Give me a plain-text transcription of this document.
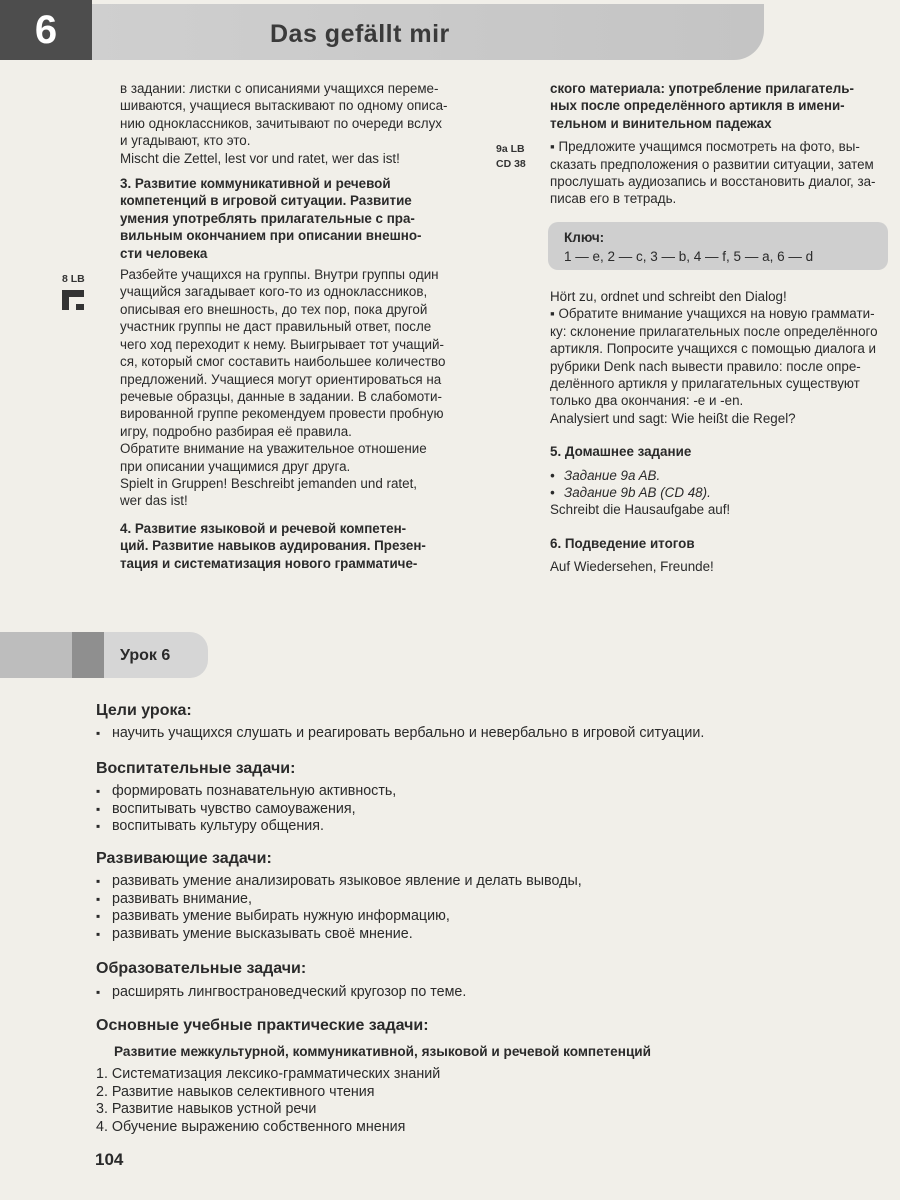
6	Das gefällt mir

в задании: листки с описаниями учащихся переме-

шиваются, учащиеся вытаскивают по одному описа-

нию одноклассников, зачитывают по очереди вслух

и угадывают, кто это.

Mischt die Zettel, lest vor und ratet, wer das ist!

3. Развитие коммуникативной и речевой

компетенций в игровой ситуации. Развитие

умения употреблять прилагательные с пра-

вильным окончанием при описании внешно-

сти человека

Разбейте учащихся на группы. Внутри группы один

учащийся загадывает кого-то из одноклассников,

описывая его внешность, до тех пор, пока другой

участник группы не даст правильный ответ, после

чего ход переходит к нему. Выигрывает тот учащий-

ся, который смог составить наибольшее количество

предложений. Учащиеся могут ориентироваться на

речевые образцы, данные в задании. В слабомоти-

вированной группе рекомендуем провести пробную

игру, подробно разбирая её правила.

Обратите внимание на уважительное отношение

при описании учащимися друг друга.

Spielt in Gruppen! Beschreibt jemanden und ratet,

wer das ist!

4. Развитие языковой и речевой компетен-

ций. Развитие навыков аудирования. Презен-

тация и систематизация нового грамматиче-

8 LB

ского материала: употребление прилагатель-

ных после определённого артикля в имени-

тельном и винительном падежах

▪ Предложите учащимся посмотреть на фото, вы-

сказать предположения о развитии ситуации, затем

прослушать аудиозапись и восстановить диалог, за-

писав его в тетрадь.

9a LB
CD 38
Ключ:
1 — e, 2 — c, 3 — b, 4 — f, 5 — a, 6 — d

Hört zu, ordnet und schreibt den Dialog!

▪ Обратите внимание учащихся на новую граммати-

ку: склонение прилагательных после определённого

артикля. Попросите учащихся с помощью диалога и

рубрики Denk nach вывести правило: после опре-

делённого артикля у прилагательных существуют

только два окончания: -e и -en.

Analysiert und sagt: Wie heißt die Regel?

5. Домашнее задание

• Задание 9a AB.

• Задание 9b AB (CD 48).

Schreibt die Hausaufgabe auf!

6. Подведение итогов

Auf Wiedersehen, Freunde!

Урок 6
Цели урока:
▪ научить учащихся слушать и реагировать вербально и невербально в игровой ситуации.
Воспитательные задачи:
▪ формировать познавательную активность,
▪ воспитывать чувство самоуважения,
▪ воспитывать культуру общения.
Развивающие задачи:
▪ развивать умение анализировать языковое явление и делать выводы,
▪ развивать внимание,
▪ развивать умение выбирать нужную информацию,
▪ развивать умение высказывать своё мнение.
Образовательные задачи:
▪ расширять лингвострановедческий кругозор по теме.
Основные учебные практические задачи:
Развитие межкультурной, коммуникативной, языковой и речевой компетенций
1. Систематизация лексико-грамматических знаний
2. Развитие навыков селективного чтения
3. Развитие навыков устной речи
4. Обучение выражению собственного мнения
104
